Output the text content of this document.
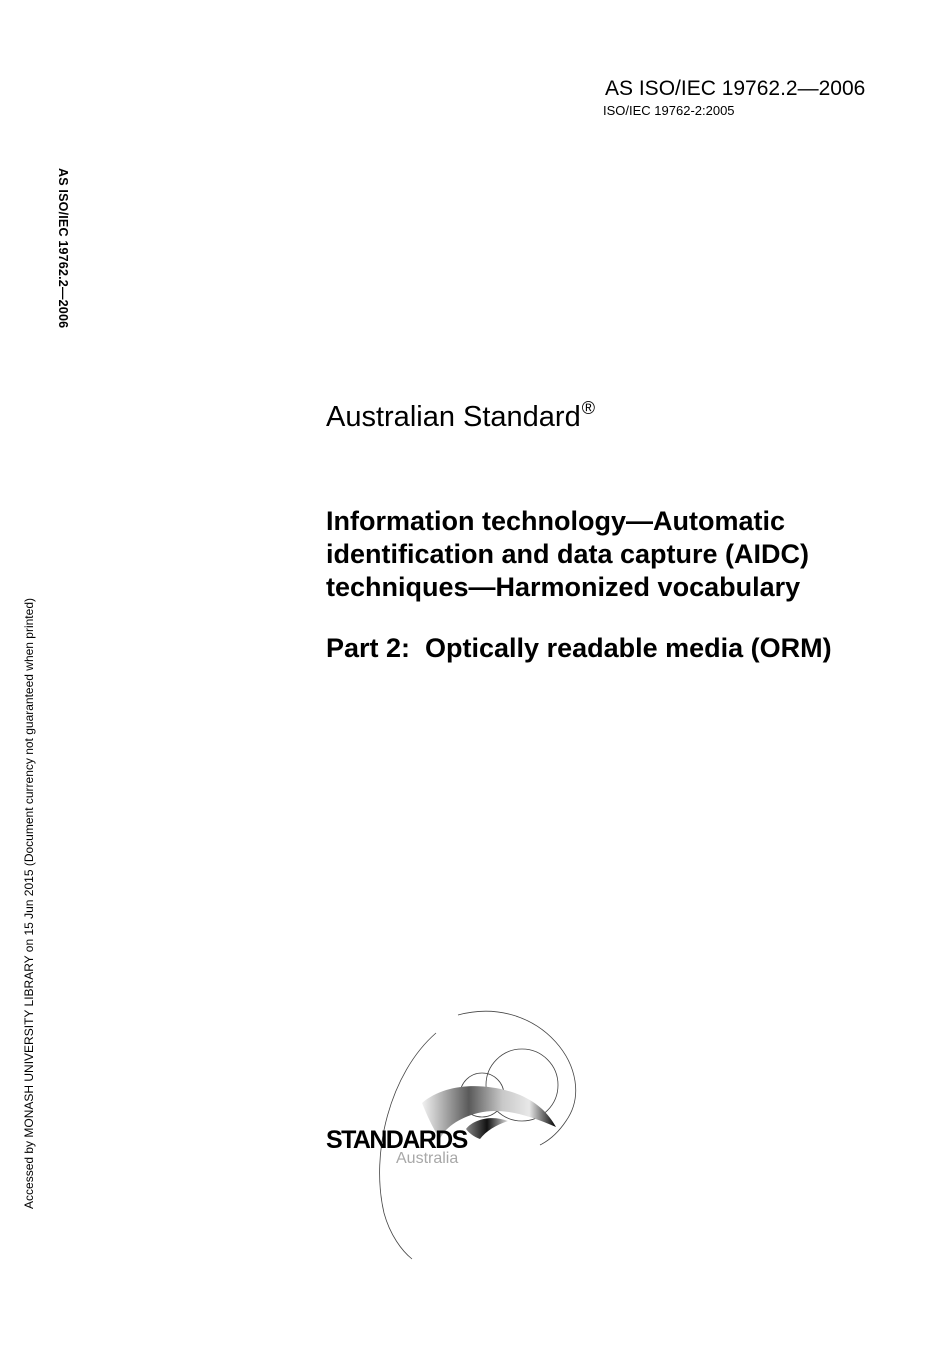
AS ISO/IEC 19762.2—2006
ISO/IEC 19762-2:2005
AS ISO/IEC 19762.2—2006
Accessed by MONASH UNIVERSITY LIBRARY on 15 Jun 2015 (Document currency not guaranteed when printed)
Australian Standard®
Information technology—Automatic
identification and data capture (AIDC)
techniques—Harmonized vocabulary
Part 2:  Optically readable media (ORM)
STANDARDS
Australia
